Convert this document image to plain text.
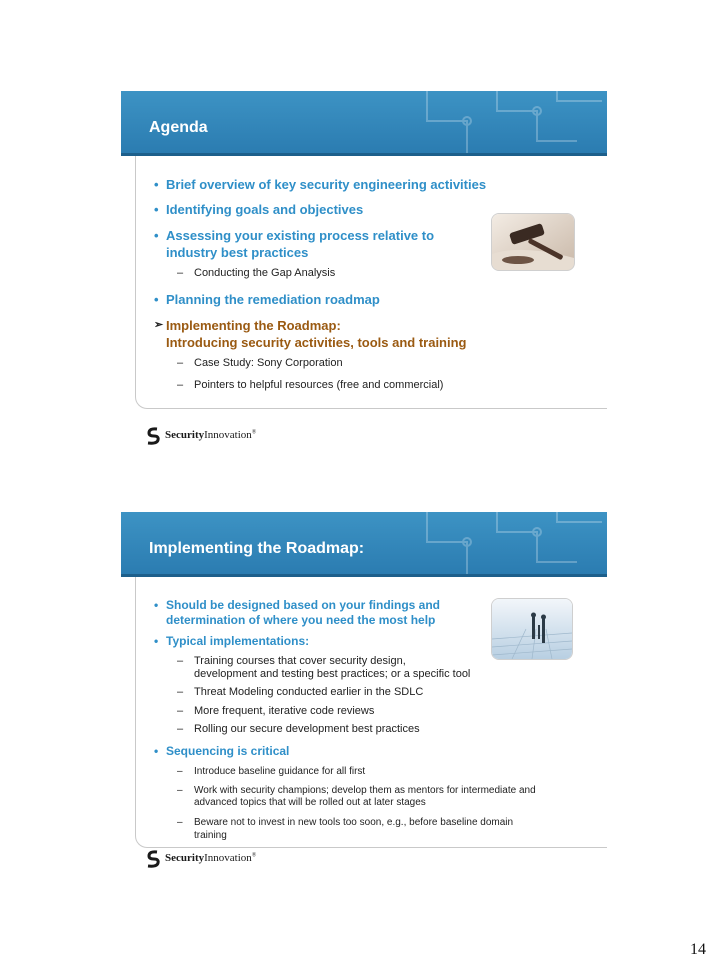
Agenda
• Brief overview of key security engineering activities
• Identifying goals and objectives
• Assessing your existing process relative to
industry best practices
– Conducting the Gap Analysis
• Planning the remediation roadmap
➢ Implementing the Roadmap:
Introducing security activities, tools and training
– Case Study: Sony Corporation
– Pointers to helpful resources (free and commercial)
SecurityInnovation®
Implementing the Roadmap:
• Should be designed based on your findings and
determination of where you need the most help
• Typical implementations:
– Training courses that cover security design,
development and testing best practices; or a specific tool
– Threat Modeling conducted earlier in the SDLC
– More frequent, iterative code reviews
– Rolling our secure development best practices
• Sequencing is critical
– Introduce baseline guidance for all first
– Work with security champions; develop them as mentors for intermediate and
advanced topics that will be rolled out at later stages
– Beware not to invest in new tools too soon, e.g., before baseline domain
training
SecurityInnovation®
14
